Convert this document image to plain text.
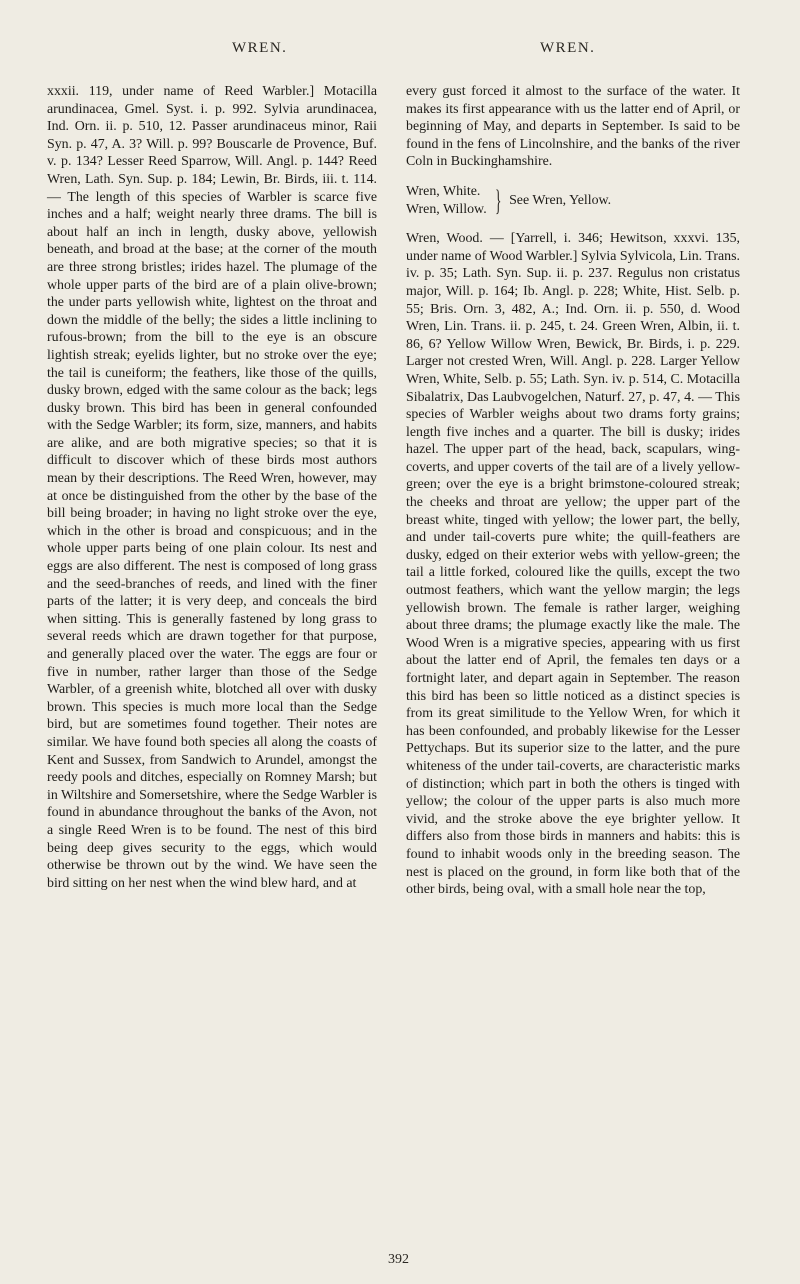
WREN.	WREN.

xxxii. 119, under name of Reed Warbler.] Motacilla arundinacea, Gmel. Syst. i. p. 992. Sylvia arundinacea, Ind. Orn. ii. p. 510, 12. Passer arundinaceus minor, Raii Syn. p. 47, A. 3? Will. p. 99? Bouscarle de Provence, Buf. v. p. 134? Lesser Reed Sparrow, Will. Angl. p. 144? Reed Wren, Lath. Syn. Sup. p. 184; Lewin, Br. Birds, iii. t. 114. — The length of this species of Warbler is scarce five inches and a half; weight nearly three drams. The bill is about half an inch in length, dusky above, yellowish beneath, and broad at the base; at the corner of the mouth are three strong bristles; irides hazel. The plumage of the whole upper parts of the bird are of a plain olive-brown; the under parts yellowish white, lightest on the throat and down the middle of the belly; the sides a little inclining to rufous-brown; from the bill to the eye is an obscure lightish streak; eyelids lighter, but no stroke over the eye; the tail is cuneiform; the feathers, like those of the quills, dusky brown, edged with the same colour as the back; legs dusky brown. This bird has been in general confounded with the Sedge Warbler; its form, size, manners, and habits are alike, and are both migrative species; so that it is difficult to discover which of these birds most authors mean by their descriptions. The Reed Wren, however, may at once be distinguished from the other by the base of the bill being broader; in having no light stroke over the eye, which in the other is broad and conspicuous; and in the whole upper parts being of one plain colour. Its nest and eggs are also different. The nest is composed of long grass and the seed-branches of reeds, and lined with the finer parts of the latter; it is very deep, and conceals the bird when sitting. This is generally fastened by long grass to several reeds which are drawn together for that purpose, and generally placed over the water. The eggs are four or five in number, rather larger than those of the Sedge Warbler, of a greenish white, blotched all over with dusky brown. This species is much more local than the Sedge bird, but are sometimes found together. Their notes are similar. We have found both species all along the coasts of Kent and Sussex, from Sandwich to Arundel, amongst the reedy pools and ditches, especially on Romney Marsh; but in Wiltshire and Somersetshire, where the Sedge Warbler is found in abundance throughout the banks of the Avon, not a single Reed Wren is to be found. The nest of this bird being deep gives security to the eggs, which would otherwise be thrown out by the wind. We have seen the bird sitting on her nest when the wind blew hard, and at

every gust forced it almost to the surface of the water. It makes its first appearance with us the latter end of April, or beginning of May, and departs in September. Is said to be found in the fens of Lincolnshire, and the banks of the river Coln in Buckinghamshire.

Wren, White.
Wren, Willow. } See Wren, Yellow.

Wren, Wood. — [Yarrell, i. 346; Hewitson, xxxvi. 135, under name of Wood Warbler.] Sylvia Sylvicola, Lin. Trans. iv. p. 35; Lath. Syn. Sup. ii. p. 237. Regulus non cristatus major, Will. p. 164; Ib. Angl. p. 228; White, Hist. Selb. p. 55; Bris. Orn. 3, 482, A.; Ind. Orn. ii. p. 550, d. Wood Wren, Lin. Trans. ii. p. 245, t. 24. Green Wren, Albin, ii. t. 86, 6? Yellow Willow Wren, Bewick, Br. Birds, i. p. 229. Larger not crested Wren, Will. Angl. p. 228. Larger Yellow Wren, White, Selb. p. 55; Lath. Syn. iv. p. 514, C. Motacilla Sibalatrix, Das Laubvogelchen, Naturf. 27, p. 47, 4. — This species of Warbler weighs about two drams forty grains; length five inches and a quarter. The bill is dusky; irides hazel. The upper part of the head, back, scapulars, wing-coverts, and upper coverts of the tail are of a lively yellow-green; over the eye is a bright brimstone-coloured streak; the cheeks and throat are yellow; the upper part of the breast white, tinged with yellow; the lower part, the belly, and under tail-coverts pure white; the quill-feathers are dusky, edged on their exterior webs with yellow-green; the tail a little forked, coloured like the quills, except the two outmost feathers, which want the yellow margin; the legs yellowish brown. The female is rather larger, weighing about three drams; the plumage exactly like the male. The Wood Wren is a migrative species, appearing with us first about the latter end of April, the females ten days or a fortnight later, and depart again in September. The reason this bird has been so little noticed as a distinct species is from its great similitude to the Yellow Wren, for which it has been confounded, and probably likewise for the Lesser Pettychaps. But its superior size to the latter, and the pure whiteness of the under tail-coverts, are characteristic marks of distinction; which part in both the others is tinged with yellow; the colour of the upper parts is also much more vivid, and the stroke above the eye brighter yellow. It differs also from those birds in manners and habits: this is found to inhabit woods only in the breeding season. The nest is placed on the ground, in form like both that of the other birds, being oval, with a small hole near the top,

392
